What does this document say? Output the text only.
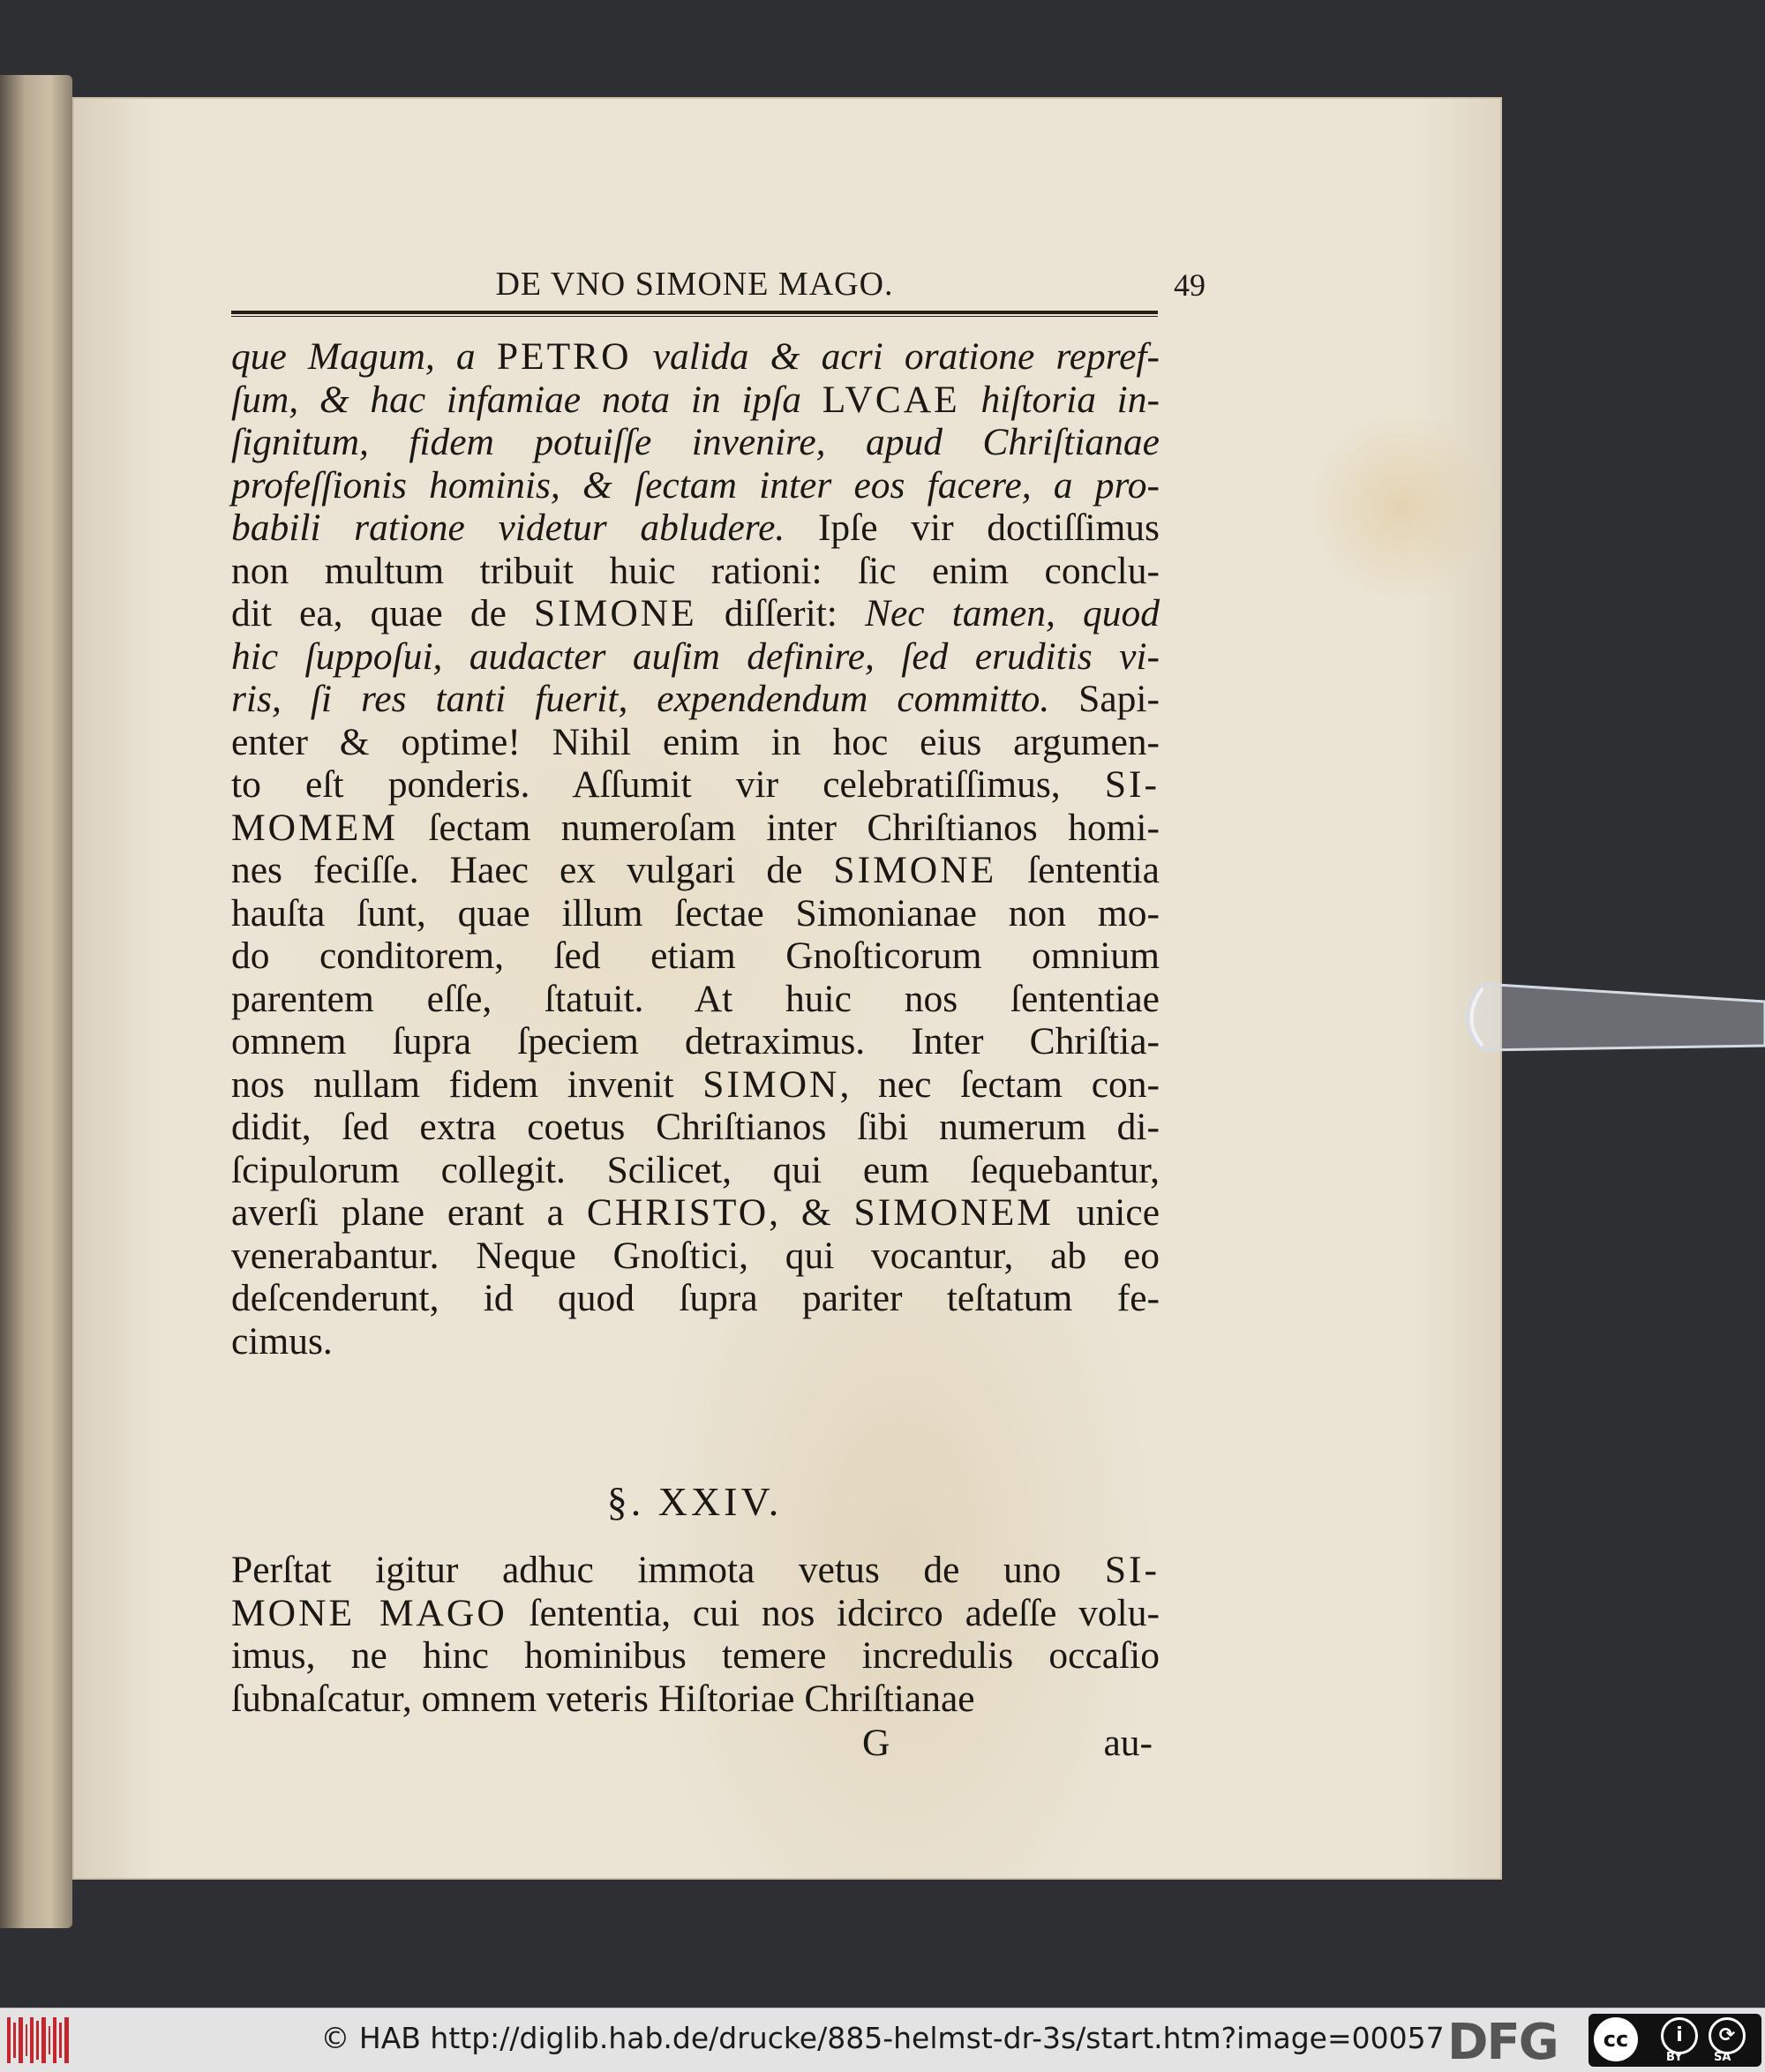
DE VNO SIMONE MAGO.	49
que Magum, a PETRO valida & acri oratione repref-
ſum, & hac infamiae nota in ipſa LVCAE hiſtoria in-
ſignitum, fidem potuiſſe invenire, apud Chriſtianae
profeſſionis hominis, & ſectam inter eos facere, a pro-
babili ratione videtur abludere. Ipſe vir doctiſſimus
non multum tribuit huic rationi: ſic enim conclu-
dit ea, quae de SIMONE diſſerit: Nec tamen, quod
hic ſuppoſui, audacter auſim definire, ſed eruditis vi-
ris, ſi res tanti fuerit, expendendum committo. Sapi-
enter & optime! Nihil enim in hoc eius argumen-
to eſt ponderis. Aſſumit vir celebratiſſimus, SI-
MOMEM ſectam numeroſam inter Chriſtianos homi-
nes feciſſe. Haec ex vulgari de SIMONE ſententia
hauſta ſunt, quae illum ſectae Simonianae non mo-
do conditorem, ſed etiam Gnoſticorum omnium
parentem eſſe, ſtatuit. At huic nos ſententiae
omnem ſupra ſpeciem detraximus. Inter Chriſtia-
nos nullam fidem invenit SIMON, nec ſectam con-
didit, ſed extra coetus Chriſtianos ſibi numerum di-
ſcipulorum collegit. Scilicet, qui eum ſequebantur,
averſi plane erant a CHRISTO, & SIMONEM unice
venerabantur. Neque Gnoſtici, qui vocantur, ab eo
deſcenderunt, id quod ſupra pariter teſtatum fe-
cimus.
§. XXIV.
Perſtat igitur adhuc immota vetus de uno SI-
MONE MAGO ſententia, cui nos idcirco adeſſe volu-
imus, ne hinc hominibus temere incredulis occaſio
ſubnaſcatur, omnem veteris Hiſtoriae Chriſtianae
G	au-
© HAB http://diglib.hab.de/drucke/885-helmst-dr-3s/start.htm?image=00057 DFG	cc	i	⟳
BY	SA
